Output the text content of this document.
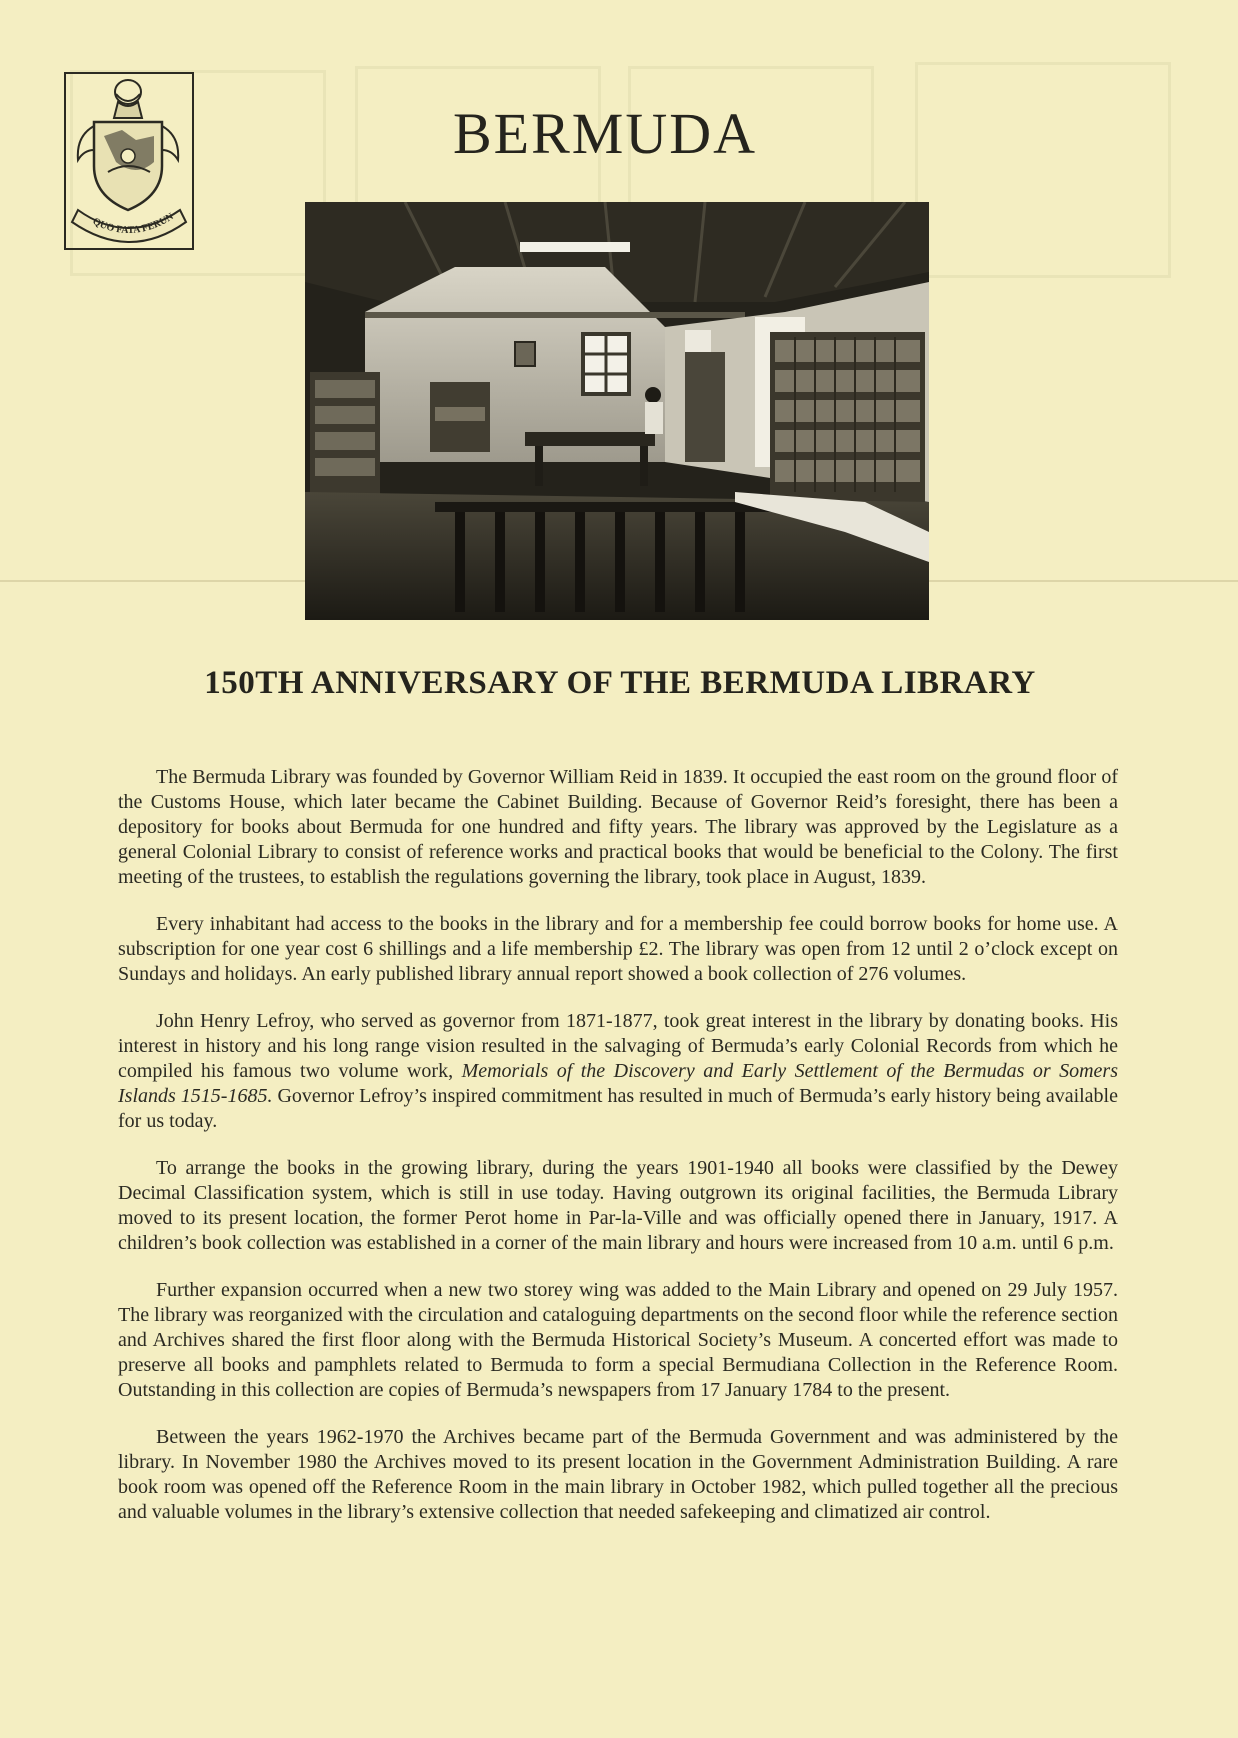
QUO FATA FERUN
BERMUDA
150TH ANNIVERSARY OF THE BERMUDA LIBRARY

The Bermuda Library was founded by Governor William Reid in 1839. It occupied the east room on the ground floor of the Customs House, which later became the Cabinet Building. Because of Governor Reid’s foresight, there has been a depository for books about Bermuda for one hundred and fifty years. The library was approved by the Legislature as a general Colonial Library to consist of reference works and practical books that would be beneficial to the Colony. The first meeting of the trustees, to establish the regulations governing the library, took place in August, 1839.

Every inhabitant had access to the books in the library and for a membership fee could borrow books for home use. A subscription for one year cost 6 shillings and a life membership £2. The library was open from 12 until 2 o’clock except on Sundays and holidays. An early published library annual report showed a book collection of 276 volumes.

John Henry Lefroy, who served as governor from 1871-1877, took great interest in the library by donating books. His interest in history and his long range vision resulted in the salvaging of Bermuda’s early Colonial Records from which he compiled his famous two volume work, Memorials of the Discovery and Early Settlement of the Bermudas or Somers Islands 1515-1685. Governor Lefroy’s inspired commitment has resulted in much of Bermuda’s early history being available for us today.

To arrange the books in the growing library, during the years 1901-1940 all books were classified by the Dewey Decimal Classification system, which is still in use today. Having outgrown its original facilities, the Bermuda Library moved to its present location, the former Perot home in Par-la-Ville and was officially opened there in January, 1917. A children’s book collection was established in a corner of the main library and hours were increased from 10 a.m. until 6 p.m.

Further expansion occurred when a new two storey wing was added to the Main Library and opened on 29 July 1957. The library was reorganized with the circulation and cataloguing departments on the second floor while the reference section and Archives shared the first floor along with the Bermuda Historical Society’s Museum. A concerted effort was made to preserve all books and pamphlets related to Bermuda to form a special Bermudiana Collection in the Reference Room. Outstanding in this collection are copies of Bermuda’s newspapers from 17 January 1784 to the present.

Between the years 1962-1970 the Archives became part of the Bermuda Government and was administered by the library. In November 1980 the Archives moved to its present location in the Government Administration Building. A rare book room was opened off the Reference Room in the main library in October 1982, which pulled together all the precious and valuable volumes in the library’s extensive collection that needed safekeeping and climatized air control.
